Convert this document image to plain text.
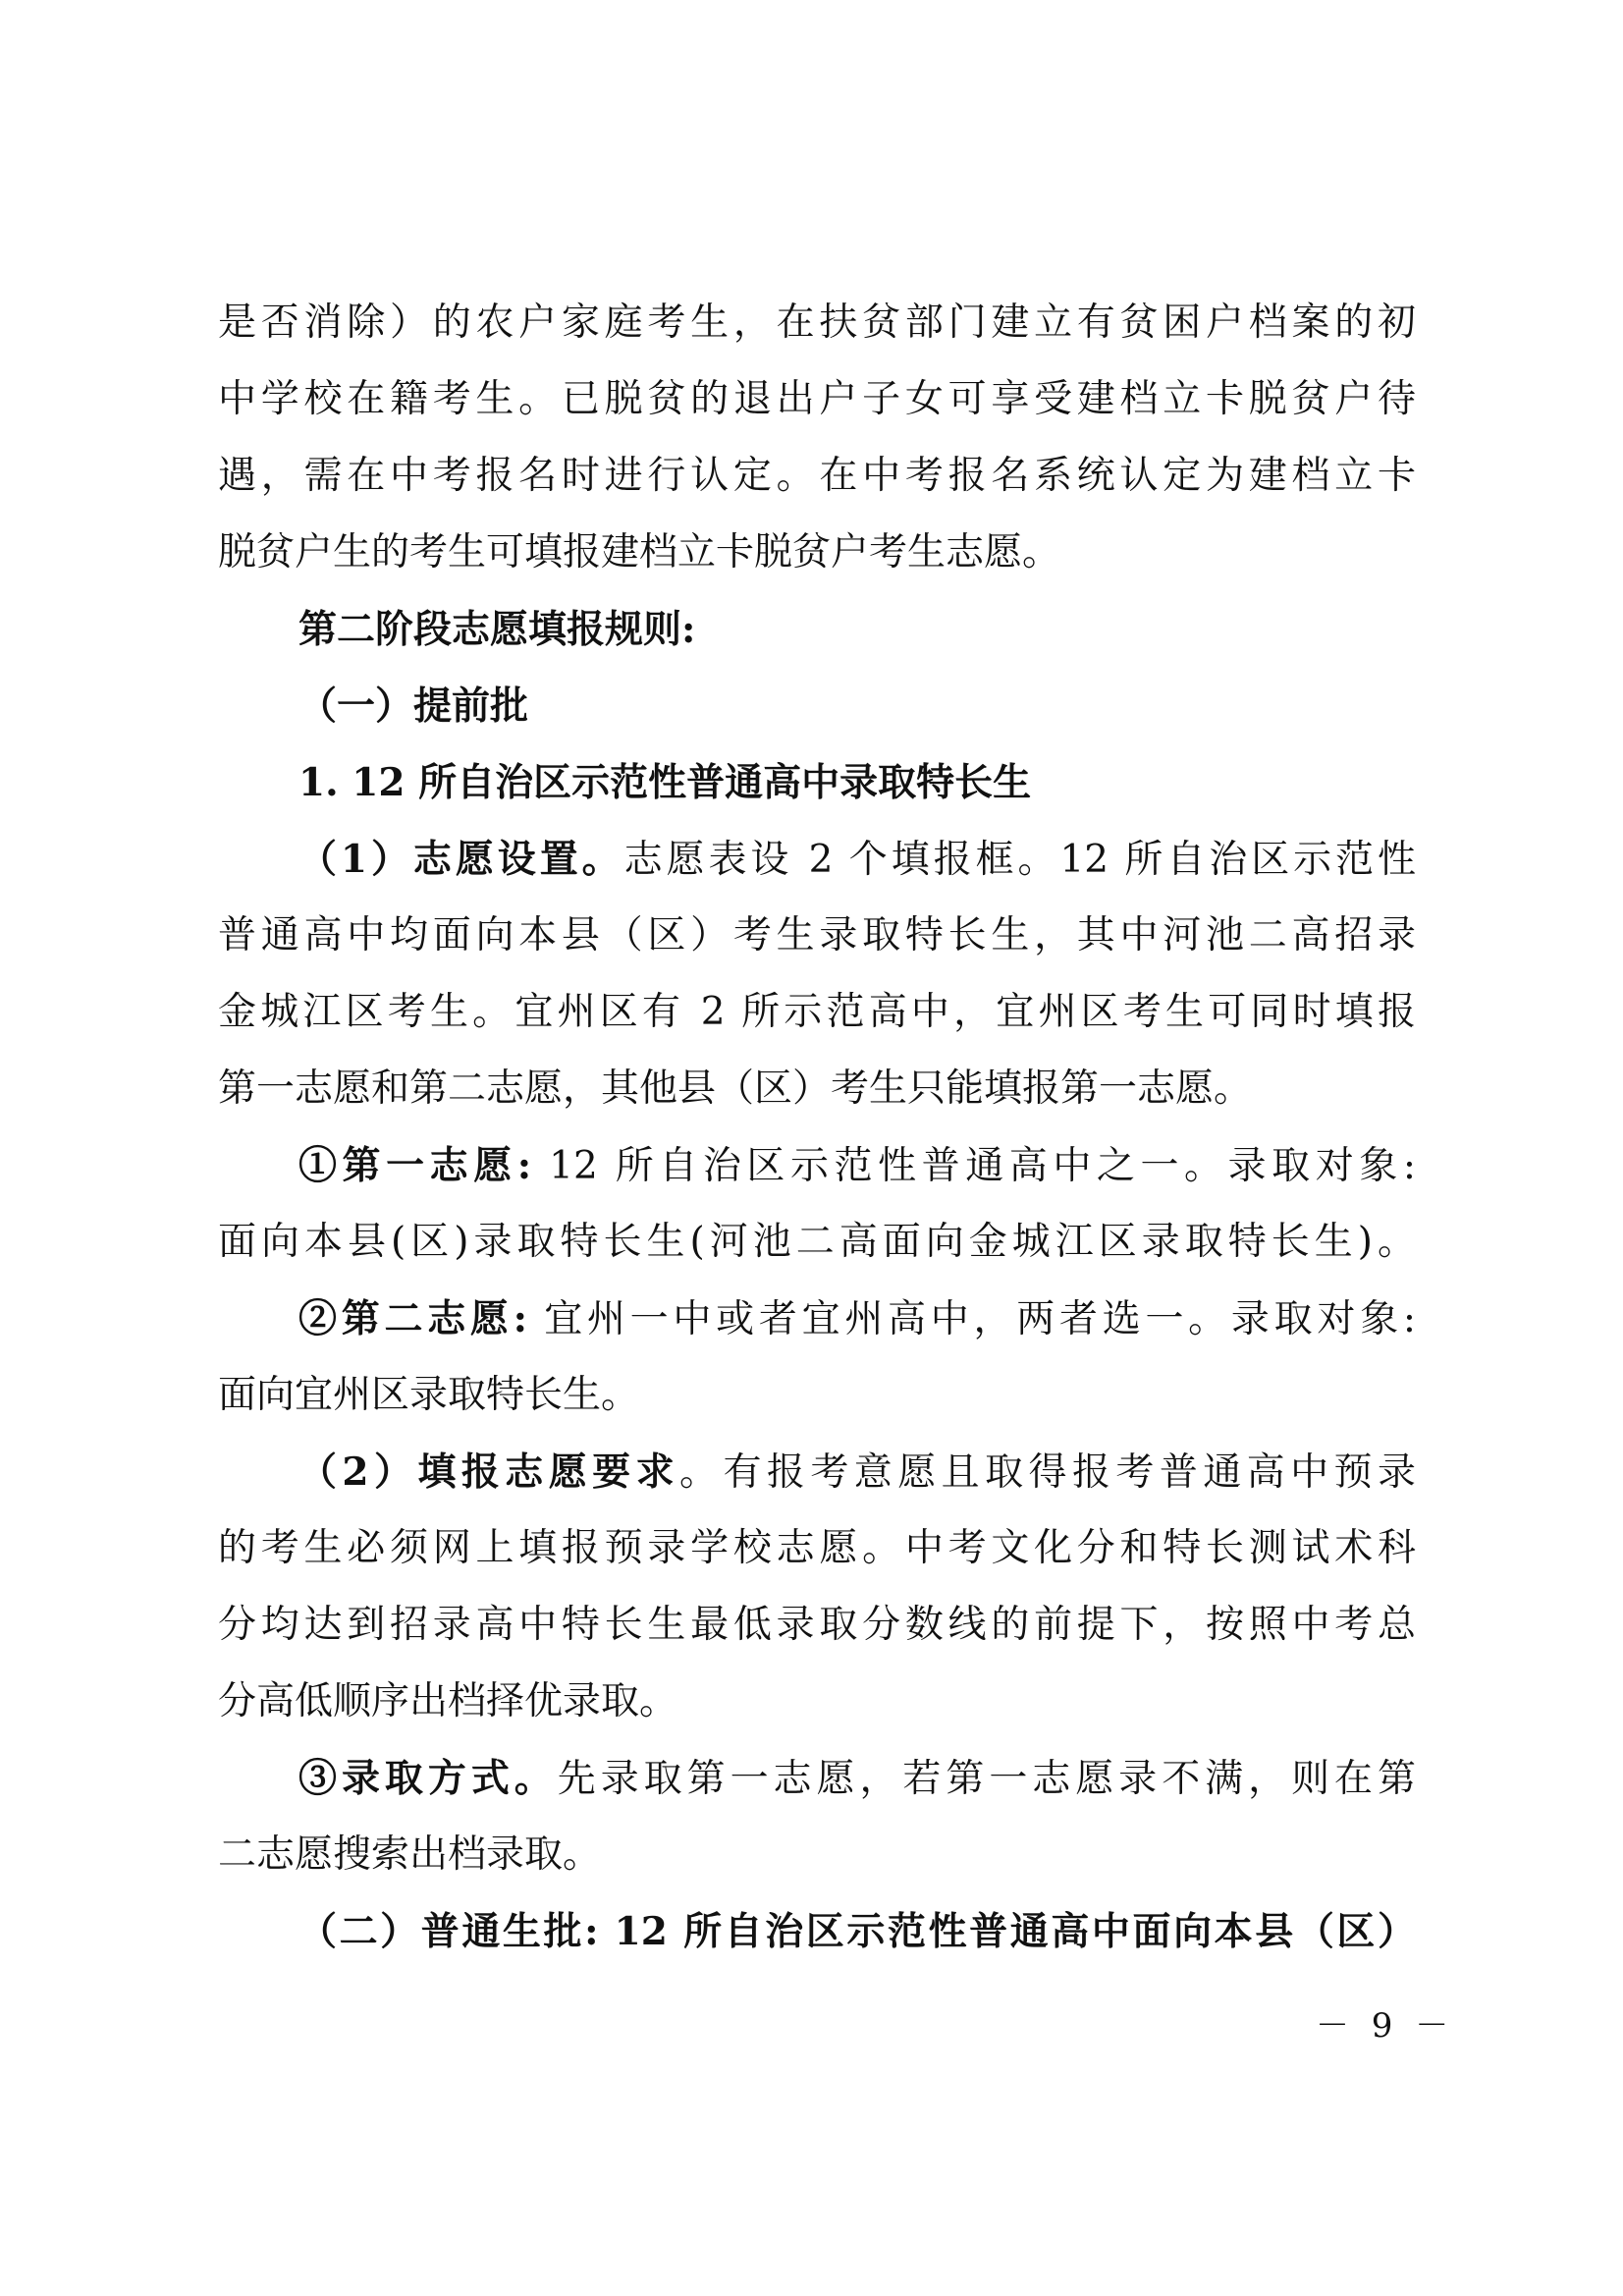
是否消除）的农户家庭考生，在扶贫部门建立有贫困户档案的初
中学校在籍考生。已脱贫的退出户子女可享受建档立卡脱贫户待
遇，需在中考报名时进行认定。在中考报名系统认定为建档立卡
脱贫户生的考生可填报建档立卡脱贫户考生志愿。
第二阶段志愿填报规则:
（一）提前批
1. 12 所自治区示范性普通高中录取特长生
（1）志愿设置。志愿表设 2 个填报框。12 所自治区示范性
普通高中均面向本县（区）考生录取特长生，其中河池二高招录
金城江区考生。宜州区有 2 所示范高中，宜州区考生可同时填报
第一志愿和第二志愿，其他县（区）考生只能填报第一志愿。
①第一志愿: 12 所自治区示范性普通高中之一。录取对象:
面向本县(区)录取特长生(河池二高面向金城江区录取特长生)。
②第二志愿: 宜州一中或者宜州高中，两者选一。录取对象:
面向宜州区录取特长生。
（2）填报志愿要求。有报考意愿且取得报考普通高中预录
的考生必须网上填报预录学校志愿。中考文化分和特长测试术科
分均达到招录高中特长生最低录取分数线的前提下，按照中考总
分高低顺序出档择优录取。
③录取方式。先录取第一志愿，若第一志愿录不满，则在第
二志愿搜索出档录取。
（二）普通生批: 12 所自治区示范性普通高中面向本县（区）
－ 9 －
